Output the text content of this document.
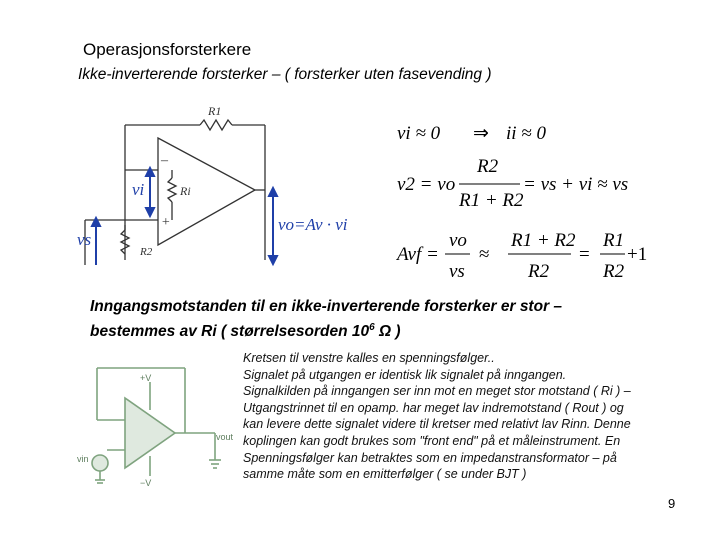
Operasjonsforsterkere
Ikke-inverterende forsterker – ( forsterker uten fasevending )
R1
Ri
R2
–
+
vi
vs
vo=Av · vi
vi ≈ 0 ⇒ ii ≈ 0
v2 = vo
R2
R1 + R2
= vs + vi ≈ vs
Avf =
vo
vs
≈
R1 + R2
R2
=
R1
R2
+1
Inngangsmotstanden til en ikke-inverterende forsterker er stor –
bestemmes av Ri ( størrelsesorden $10^6$ Ω )
+V
−V
vin
vout
Kretsen til venstre kalles en spenningsfølger..
Signalet på utgangen er identisk lik signalet på inngangen.
Signalkilden på inngangen ser inn mot en meget stor motstand ( Ri ) –
Utgangstrinnet til en opamp. har meget lav indremotstand ( Rout ) og
kan levere dette signalet videre til kretser med relativt lav Rinn. Denne
koplingen kan godt brukes som "front end" på et måleinstrument. En
Spenningsfølger kan betraktes som en impedanstransformator – på
samme måte som en emitterfølger ( se under BJT )
9
